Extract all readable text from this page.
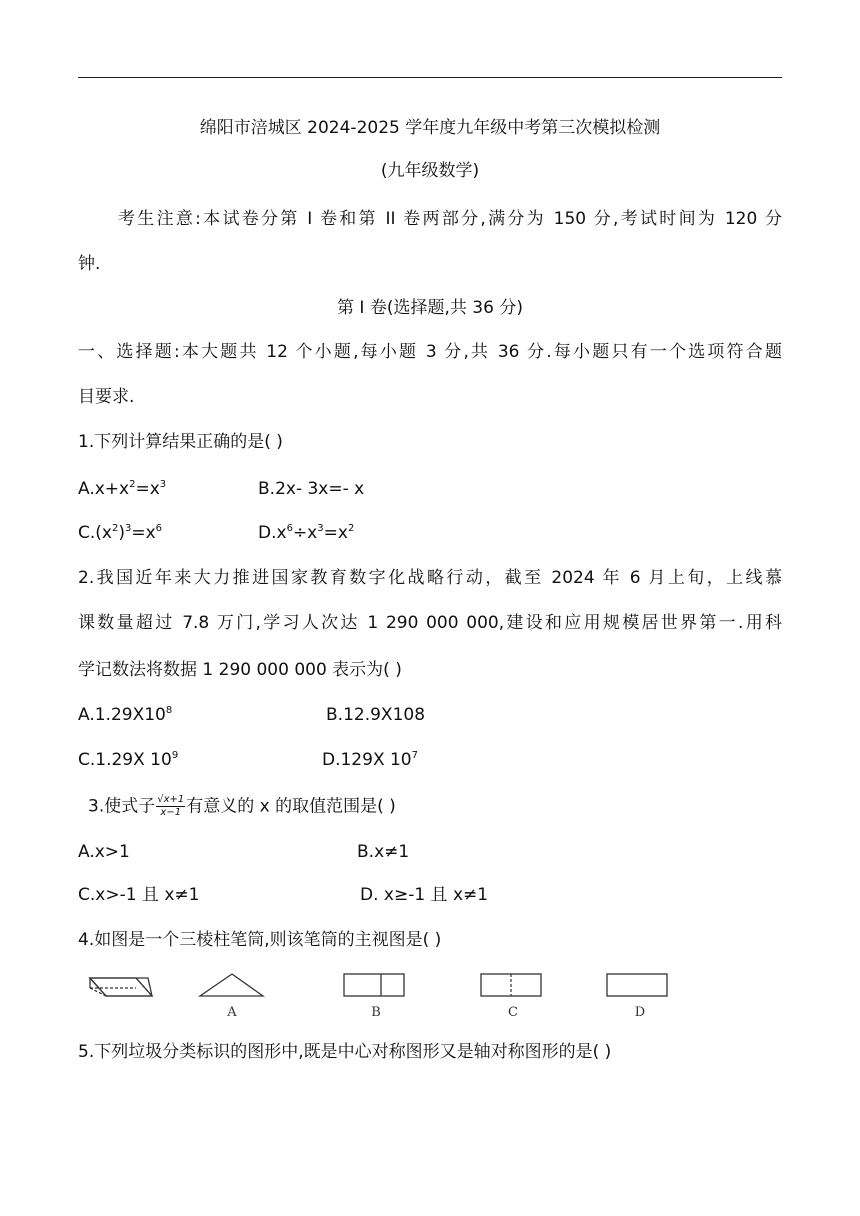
绵阳市涪城区 2024-2025 学年度九年级中考第三次模拟检测
(九年级数学)
考生注意:本试卷分第 I 卷和第 II 卷两部分,满分为 150 分,考试时间为 120 分
钟.
第 I 卷(选择题,共 36 分)
一、选择题:本大题共 12 个小题,每小题 3 分,共 36 分.每小题只有一个选项符合题
目要求.
1.下列计算结果正确的是( )
$A.x+x^2=x^3$	B.2x- 3x=- x
$C.(x^2)^3=x^6$	$D.x^6\div x^3=x^2$
2.我国近年来大力推进国家教育数字化战略行动，截至 2024 年 6 月上旬，上线慕
课数量超过 7.8 万门,学习人次达 1 290 000 000,建设和应用规模居世界第一.用科
学记数法将数据 1 290 000 000 表示为( )
$A.1.29X10^8$	B.12.9X108
C.1.29X $10^9$	D.129X $10^7$
3.使式子 $\frac{√x+1}{x-1}$ 有意义的 x 的取值范围是( )
A.x>1	B.x≠1
C.x>-1 且 x≠1	D. x≥-1 且 x≠1
4.如图是一个三棱柱笔筒,则该笔筒的主视图是( )
A	B	C	D
5.下列垃圾分类标识的图形中,既是中心对称图形又是轴对称图形的是( )
